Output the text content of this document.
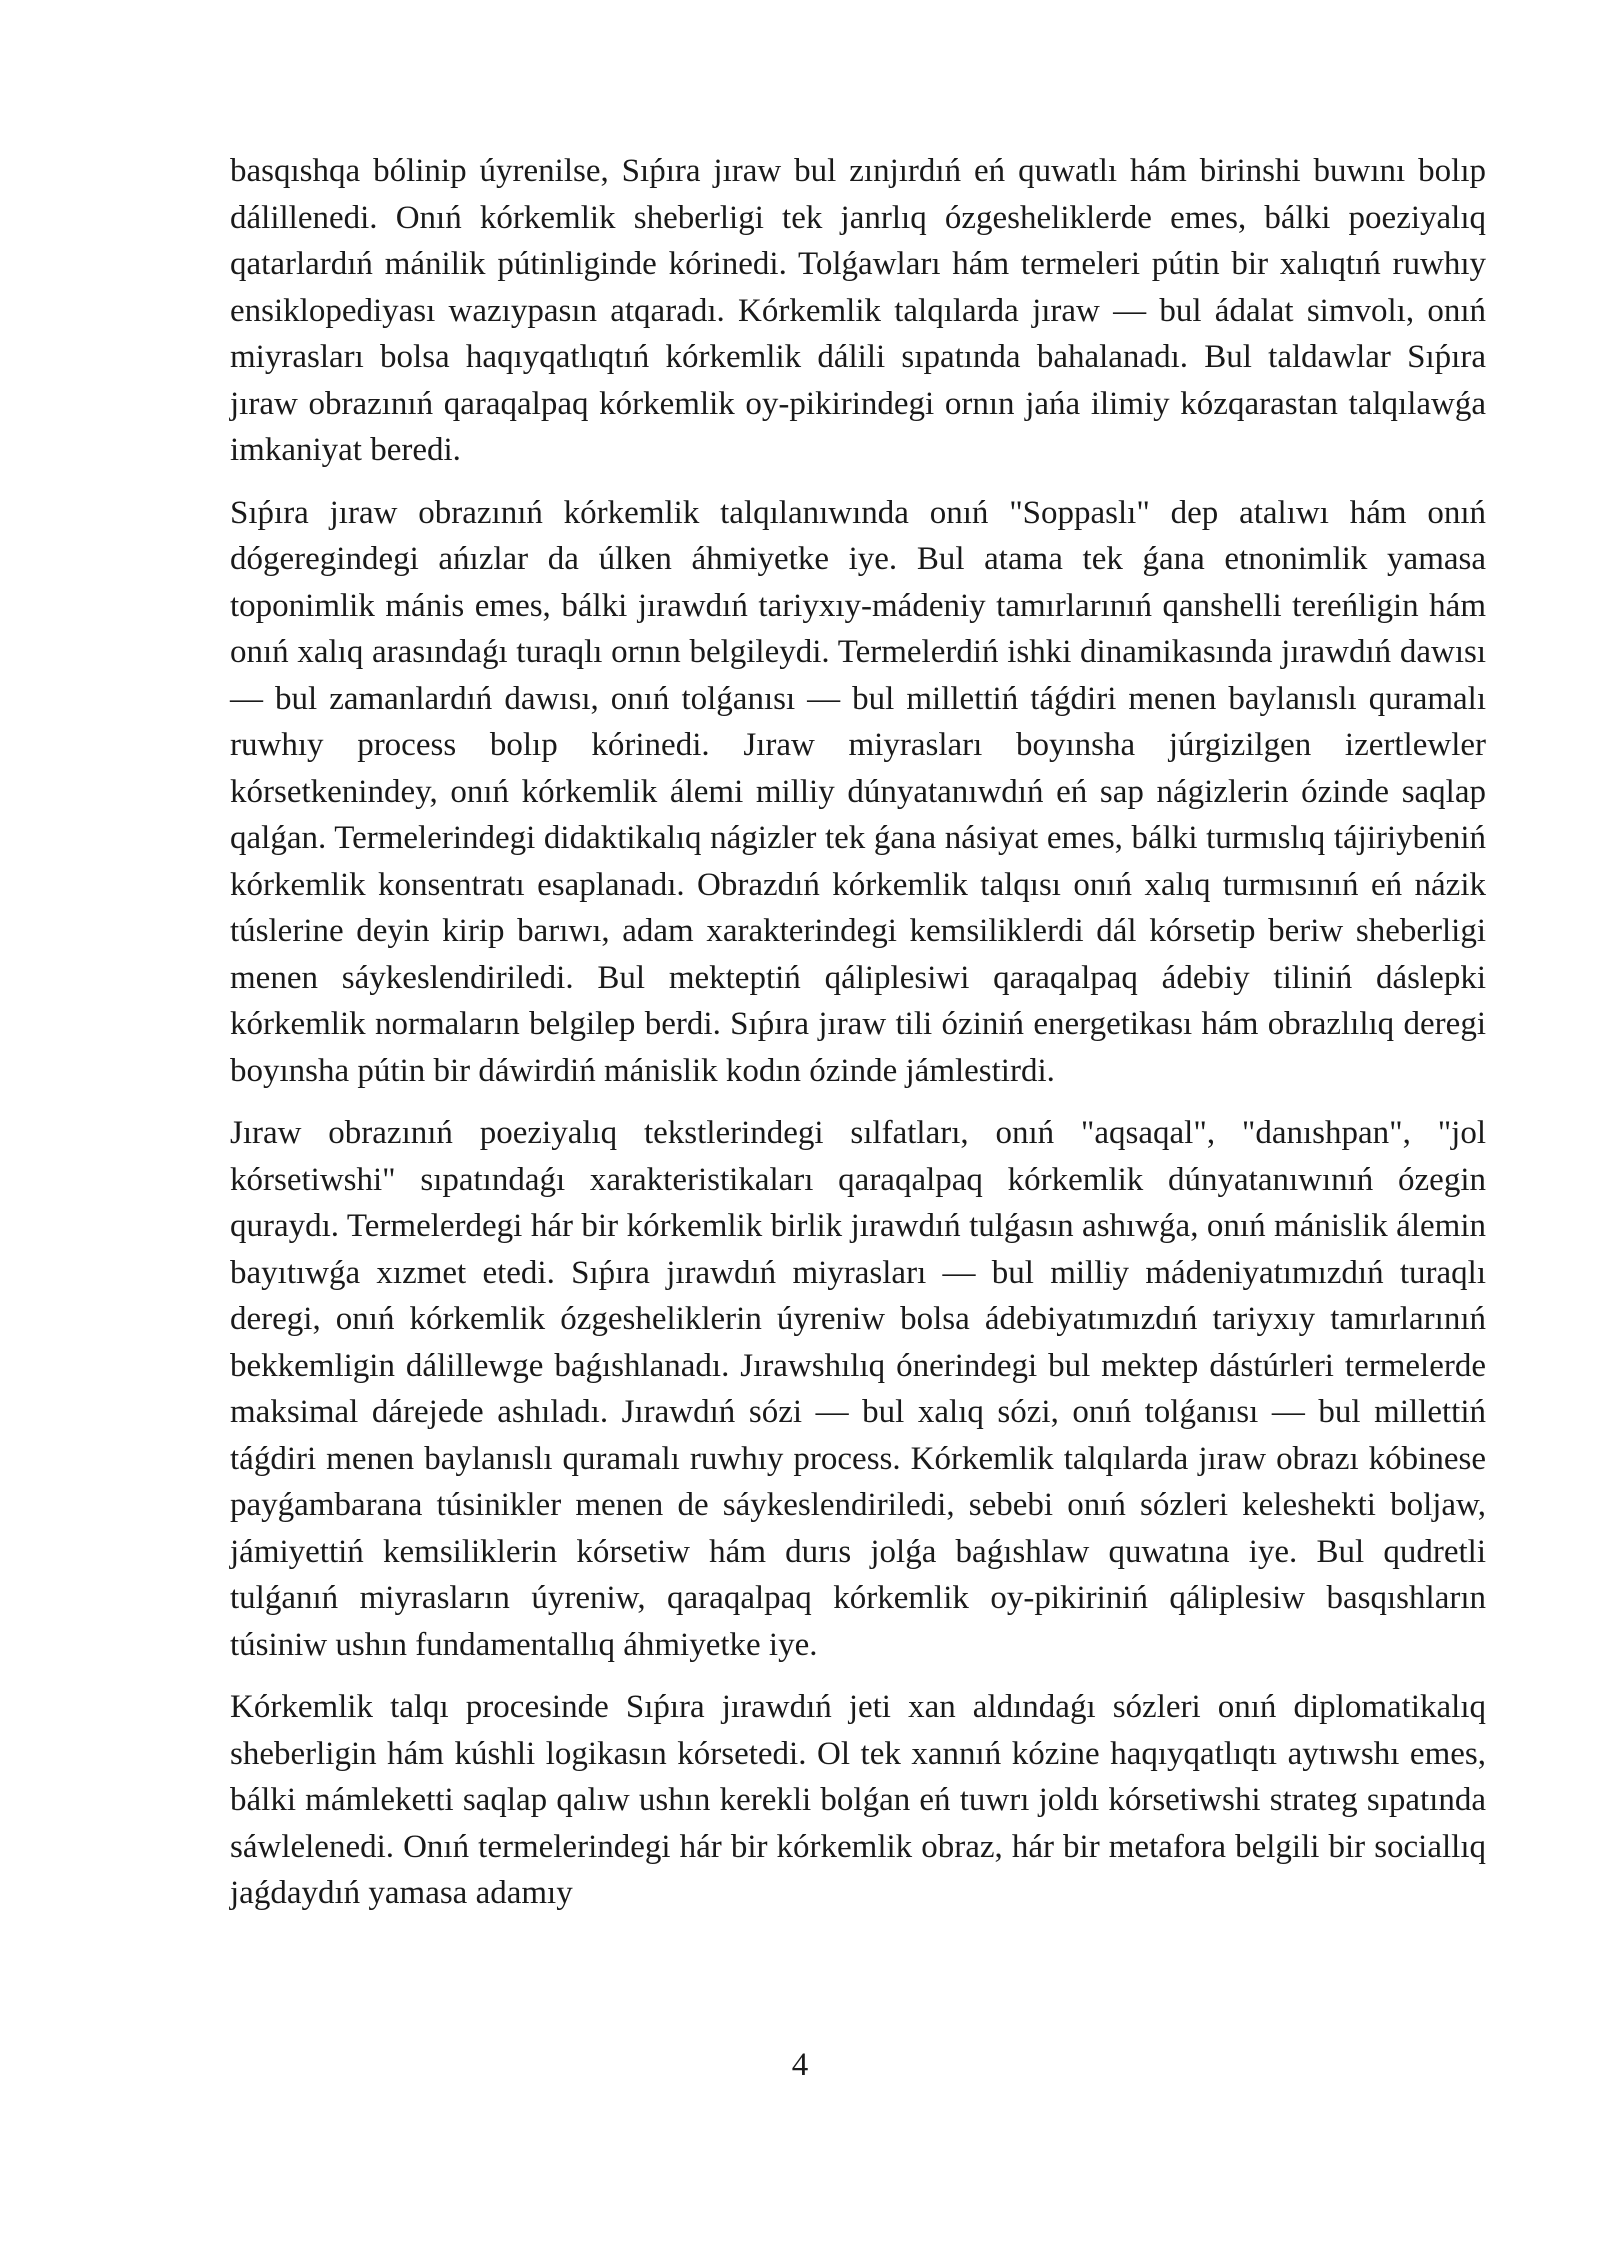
basqıshqa bólinip úyrenilse, Sıṕıra jıraw bul zınjırdıń eń quwatlı hám birinshi buwını bolıp dálillenedi. Onıń kórkemlik sheberligi tek janrlıq ózgesheliklerde emes, bálki poeziyalıq qatarlardıń mánilik pútinliginde kórinedi. Tolǵawları hám termeleri pútin bir xalıqtıń ruwhıy ensiklopediyası wazıypasın atqaradı. Kórkemlik talqılarda jıraw — bul ádalat simvolı, onıń miyrasları bolsa haqıyqatlıqtıń kórkemlik dálili sıpatında bahalanadı. Bul taldawlar Sıṕıra jıraw obrazınıń qaraqalpaq kórkemlik oy-pikirindegi ornın jańa ilimiy kózqarastan talqılawǵa imkaniyat beredi.

Sıṕıra jıraw obrazınıń kórkemlik talqılanıwında onıń "Soppaslı" dep atalıwı hám onıń dógeregindegi ańızlar da úlken áhmiyetke iye. Bul atama tek ǵana etnonimlik yamasa toponimlik mánis emes, bálki jırawdıń tariyxıy-mádeniy tamırlarınıń qanshelli tereńligin hám onıń xalıq arasındaǵı turaqlı ornın belgileydi. Termelerdiń ishki dinamikasında jırawdıń dawısı — bul zamanlardıń dawısı, onıń tolǵanısı — bul millettiń táǵdiri menen baylanıslı quramalı ruwhıy process bolıp kórinedi. Jıraw miyrasları boyınsha júrgizilgen izertlewler kórsetkenindey, onıń kórkemlik álemi milliy dúnyatanıwdıń eń sap nágizlerin ózinde saqlap qalǵan. Termelerindegi didaktikalıq nágizler tek ǵana násiyat emes, bálki turmıslıq tájiriybeniń kórkemlik konsentratı esaplanadı. Obrazdıń kórkemlik talqısı onıń xalıq turmısınıń eń názik túslerine deyin kirip barıwı, adam xarakterindegi kemsiliklerdi dál kórsetip beriw sheberligi menen sáykeslendiriledi. Bul mekteptiń qáliplesiwi qaraqalpaq ádebiy tiliniń dáslepki kórkemlik normaların belgilep berdi. Sıṕıra jıraw tili óziniń energetikası hám obrazlılıq deregi boyınsha pútin bir dáwirdiń mánislik kodın ózinde jámlestirdi.

Jıraw obrazınıń poeziyalıq tekstlerindegi sılfatları, onıń "aqsaqal", "danıshpan", "jol kórsetiwshi" sıpatındaǵı xarakteristikaları qaraqalpaq kórkemlik dúnyatanıwınıń ózegin quraydı. Termelerdegi hár bir kórkemlik birlik jırawdıń tulǵasın ashıwǵa, onıń mánislik álemin bayıtıwǵa xızmet etedi. Sıṕıra jırawdıń miyrasları — bul milliy mádeniyatımızdıń turaqlı deregi, onıń kórkemlik ózgesheliklerin úyreniw bolsa ádebiyatımızdıń tariyxıy tamırlarınıń bekkemligin dálillewge baǵıshlanadı. Jırawshılıq ónerindegi bul mektep dástúrleri termelerde maksimal dárejede ashıladı. Jırawdıń sózi — bul xalıq sózi, onıń tolǵanısı — bul millettiń táǵdiri menen baylanıslı quramalı ruwhıy process. Kórkemlik talqılarda jıraw obrazı kóbinese payǵambarana túsinikler menen de sáykeslendiriledi, sebebi onıń sózleri keleshekti boljaw, jámiyettiń kemsiliklerin kórsetiw hám durıs jolǵa baǵıshlaw quwatına iye. Bul qudretli tulǵanıń miyrasların úyreniw, qaraqalpaq kórkemlik oy-pikiriniń qáliplesiw basqıshların túsiniw ushın fundamentallıq áhmiyetke iye.

Kórkemlik talqı procesinde Sıṕıra jırawdıń jeti xan aldındaǵı sózleri onıń diplomatikalıq sheberligin hám kúshli logikasın kórsetedi. Ol tek xannıń kózine haqıyqatlıqtı aytıwshı emes, bálki mámleketti saqlap qalıw ushın kerekli bolǵan eń tuwrı joldı kórsetiwshi strateg sıpatında sáwlelenedi. Onıń termelerindegi hár bir kórkemlik obraz, hár bir metafora belgili bir sociallıq jaǵdaydıń yamasa adamıy

4
